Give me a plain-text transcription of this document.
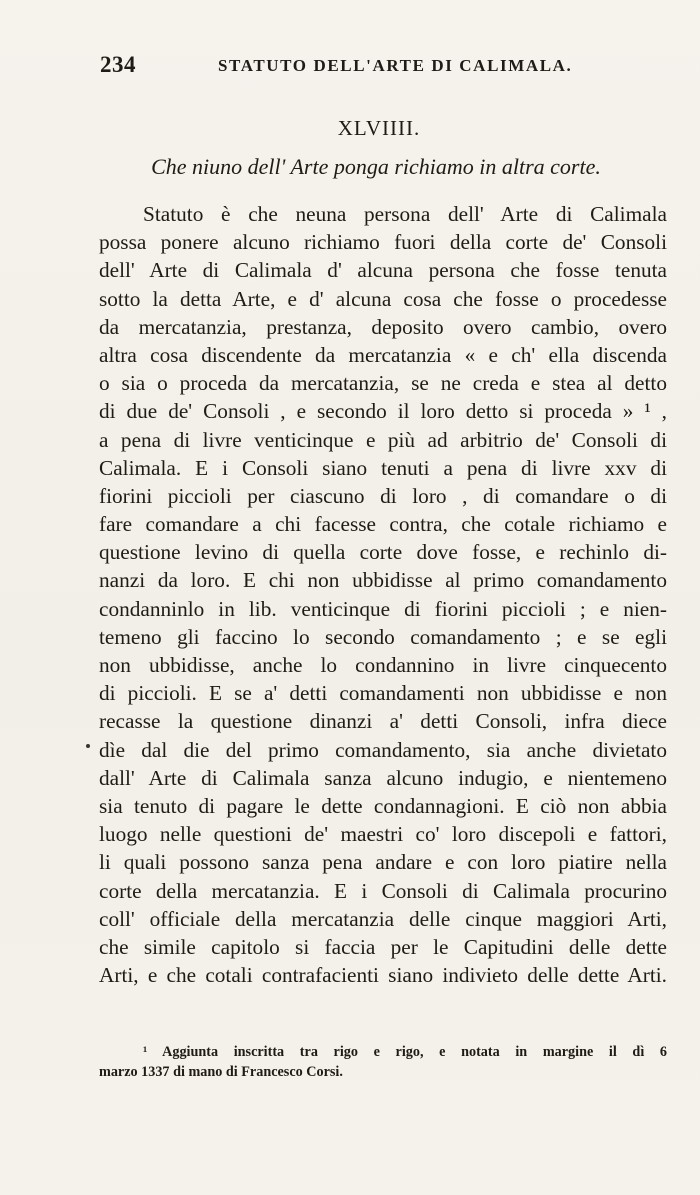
234	STATUTO DELL'ARTE DI CALIMALA.
XLVIIII.
Che niuno dell' Arte ponga richiamo in altra corte.
Statuto è che neuna persona dell' Arte di Calimala
possa ponere alcuno richiamo fuori della corte de' Consoli
dell' Arte di Calimala d' alcuna persona che fosse tenuta
sotto la detta Arte, e d' alcuna cosa che fosse o procedesse
da mercatanzia, prestanza, deposito overo cambio, overo
altra cosa discendente da mercatanzia « e ch' ella discenda
o sia o proceda da mercatanzia, se ne creda e stea al detto
di due de' Consoli , e secondo il loro detto si proceda » ¹ ,
a pena di livre venticinque e più ad arbitrio de' Consoli di
Calimala. E i Consoli siano tenuti a pena di livre xxv di
fiorini piccioli per ciascuno di loro , di comandare o di
fare comandare a chi facesse contra, che cotale richiamo e
questione levino di quella corte dove fosse, e rechinlo di-
nanzi da loro. E chi non ubbidisse al primo comandamento
condanninlo in lib. venticinque di fiorini piccioli ; e nien-
temeno gli faccino lo secondo comandamento ; e se egli
non ubbidisse, anche lo condannino in livre cinquecento
di piccioli. E se a' detti comandamenti non ubbidisse e non
recasse la questione dinanzi a' detti Consoli, infra diece
dìe dal die del primo comandamento, sia anche divietato
dall' Arte di Calimala sanza alcuno indugio, e nientemeno
sia tenuto di pagare le dette condannagioni. E ciò non abbia
luogo nelle questioni de' maestri co' loro discepoli e fattori,
li quali possono sanza pena andare e con loro piatire nella
corte della mercatanzia. E i Consoli di Calimala procurino
coll' officiale della mercatanzia delle cinque maggiori Arti,
che simile capitolo si faccia per le Capitudini delle dette
Arti, e che cotali contrafacienti siano indivieto delle dette Arti.
¹ Aggiunta inscritta tra rigo e rigo, e notata in margine il dì 6
marzo 1337 di mano di Francesco Corsi.
